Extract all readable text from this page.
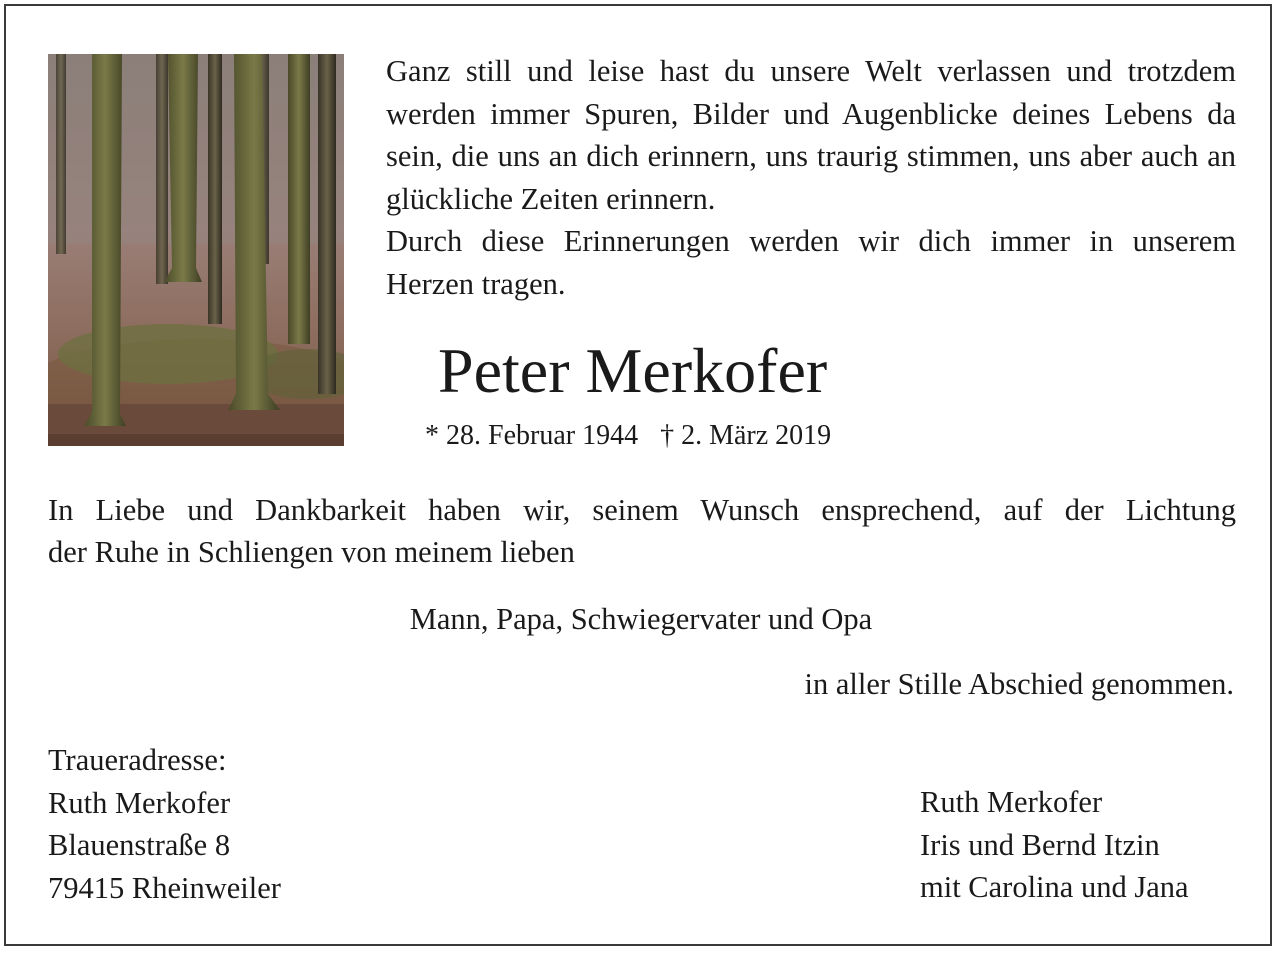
Ganz still und leise hast du unsere Welt verlassen und trotzdem werden immer Spuren, Bilder und Augenblicke deines Lebens da sein, die uns an dich erinnern, uns traurig stimmen, uns aber auch an glückliche Zeiten erinnern.

Durch diese Erinnerungen werden wir dich immer in unserem Herzen tragen.

Peter Merkofer
* 28. Februar 1944 † 2. März 2019
In Liebe und Dankbarkeit haben wir, seinem Wunsch ensprechend, auf der Lichtung
der Ruhe in Schliengen von meinem lieben
Mann, Papa, Schwiegervater und Opa
in aller Stille Abschied genommen.
Traueradresse:
Ruth Merkofer
Blauenstraße 8
79415 Rheinweiler
Ruth Merkofer
Iris und Bernd Itzin
mit Carolina und Jana
